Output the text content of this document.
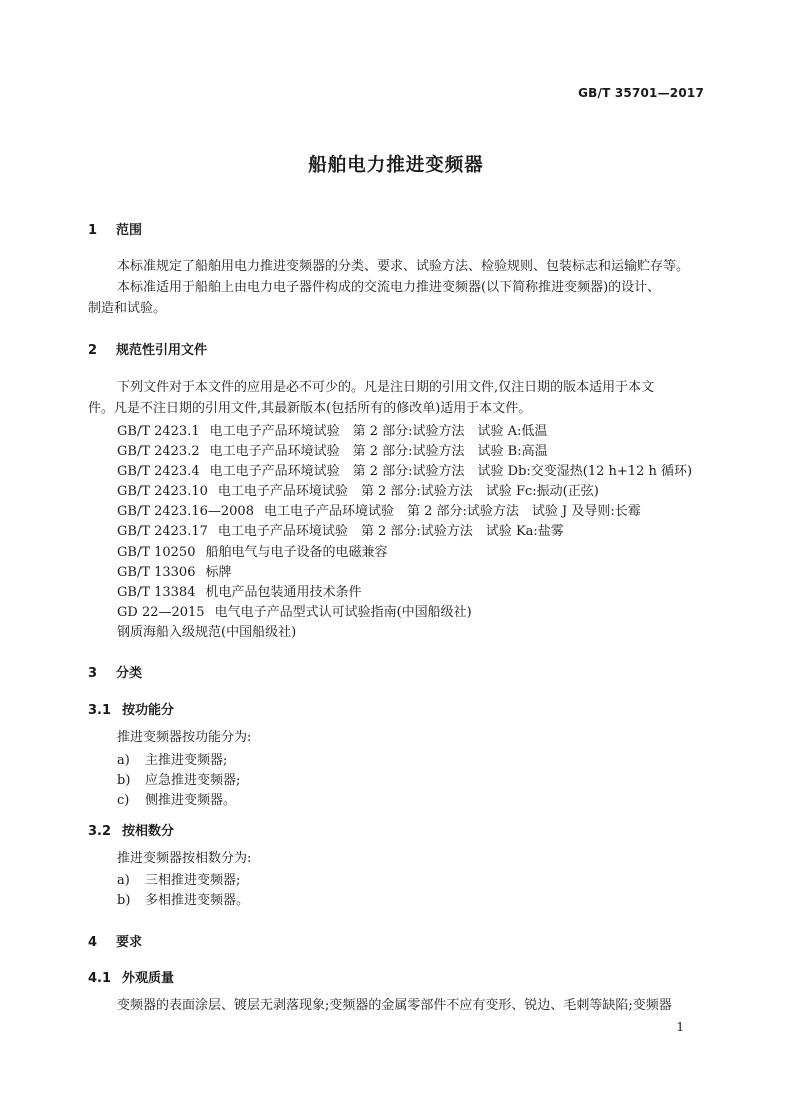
GB/T 35701—2017
船舶电力推进变频器
1 范围
本标准规定了船舶用电力推进变频器的分类、要求、试验方法、检验规则、包装标志和运输贮存等。
本标准适用于船舶上由电力电子器件构成的交流电力推进变频器(以下简称推进变频器)的设计、
制造和试验。
2 规范性引用文件
下列文件对于本文件的应用是必不可少的。凡是注日期的引用文件,仅注日期的版本适用于本文
件。凡是不注日期的引用文件,其最新版本(包括所有的修改单)适用于本文件。
GB/T 2423.1 电工电子产品环境试验　第 2 部分:试验方法　试验 A:低温
GB/T 2423.2 电工电子产品环境试验　第 2 部分:试验方法　试验 B:高温
GB/T 2423.4 电工电子产品环境试验　第 2 部分:试验方法　试验 Db:交变湿热(12 h+12 h 循环)
GB/T 2423.10 电工电子产品环境试验　第 2 部分:试验方法　试验 Fc:振动(正弦)
GB/T 2423.16—2008 电工电子产品环境试验　第 2 部分:试验方法　试验 J 及导则:长霉
GB/T 2423.17 电工电子产品环境试验　第 2 部分:试验方法　试验 Ka:盐雾
GB/T 10250 船舶电气与电子设备的电磁兼容
GB/T 13306 标牌
GB/T 13384 机电产品包装通用技术条件
GD 22—2015 电气电子产品型式认可试验指南(中国船级社)
钢质海船入级规范(中国船级社)
3 分类
3.1 按功能分
推进变频器按功能分为:
a) 主推进变频器;
b) 应急推进变频器;
c) 侧推进变频器。
3.2 按相数分
推进变频器按相数分为:
a) 三相推进变频器;
b) 多相推进变频器。
4 要求
4.1 外观质量
变频器的表面涂层、镀层无剥落现象;变频器的金属零部件不应有变形、锐边、毛刺等缺陷;变频器
1
